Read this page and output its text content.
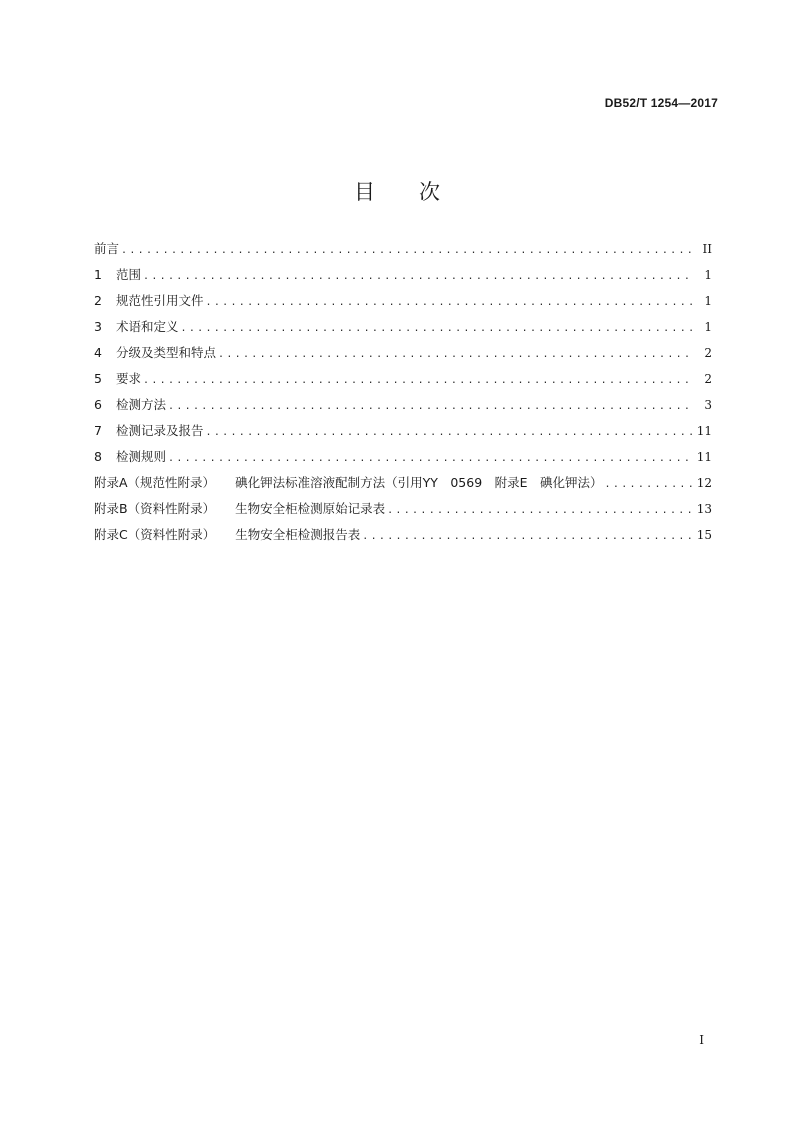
DB52/T 1254—2017
目 次
前言 .....	II
1 范围 .....	1
2 规范性引用文件 .....	1
3 术语和定义 .....	1
4 分级及类型和特点 .....	2
5 要求 .....	2
6 检测方法 .....	3
7 检测记录及报告 .....	11
8 检测规则 .....	11
附录A（规范性附录） 碘化钾法标准溶液配制方法（引用YY　0569　附录E　碘化钾法） .....	12
附录B（资料性附录） 生物安全柜检测原始记录表 .....	13
附录C（资料性附录） 生物安全柜检测报告表 .....	15
I
